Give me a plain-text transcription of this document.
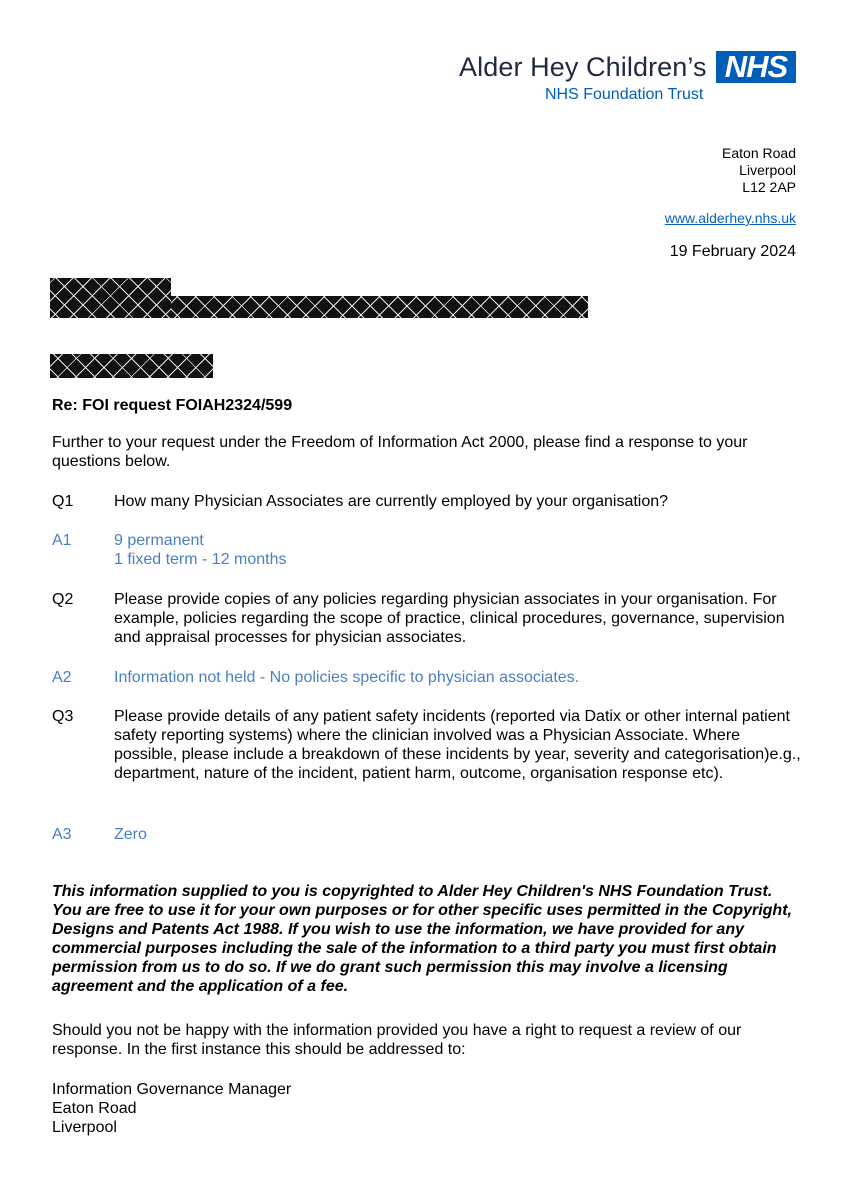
Alder Hey Children’s NHS
NHS Foundation Trust
Eaton Road
Liverpool
L12 2AP
www.alderhey.nhs.uk
19 February 2024
Re: FOI request FOIAH2324/599
Further to your request under the Freedom of Information Act 2000, please find a response to your questions below.
Q1	How many Physician Associates are currently employed by your organisation?
A1	9 permanent
1 fixed term - 12 months
Q2	Please provide copies of any policies regarding physician associates in your organisation. For example, policies regarding the scope of practice, clinical procedures, governance, supervision and appraisal processes for physician associates.
A2	Information not held - No policies specific to physician associates.
Q3	Please provide details of any patient safety incidents (reported via Datix or other internal patient safety reporting systems) where the clinician involved was a Physician Associate. Where possible, please include a breakdown of these incidents by year, severity and categorisation)e.g., department, nature of the incident, patient harm, outcome, organisation response etc).
A3	Zero
This information supplied to you is copyrighted to Alder Hey Children's NHS Foundation Trust. You are free to use it for your own purposes or for other specific uses permitted in the Copyright, Designs and Patents Act 1988. If you wish to use the information, we have provided for any commercial purposes including the sale of the information to a third party you must first obtain permission from us to do so. If we do grant such permission this may involve a licensing agreement and the application of a fee.
Should you not be happy with the information provided you have a right to request a review of our response. In the first instance this should be addressed to:
Information Governance Manager
Eaton Road
Liverpool
